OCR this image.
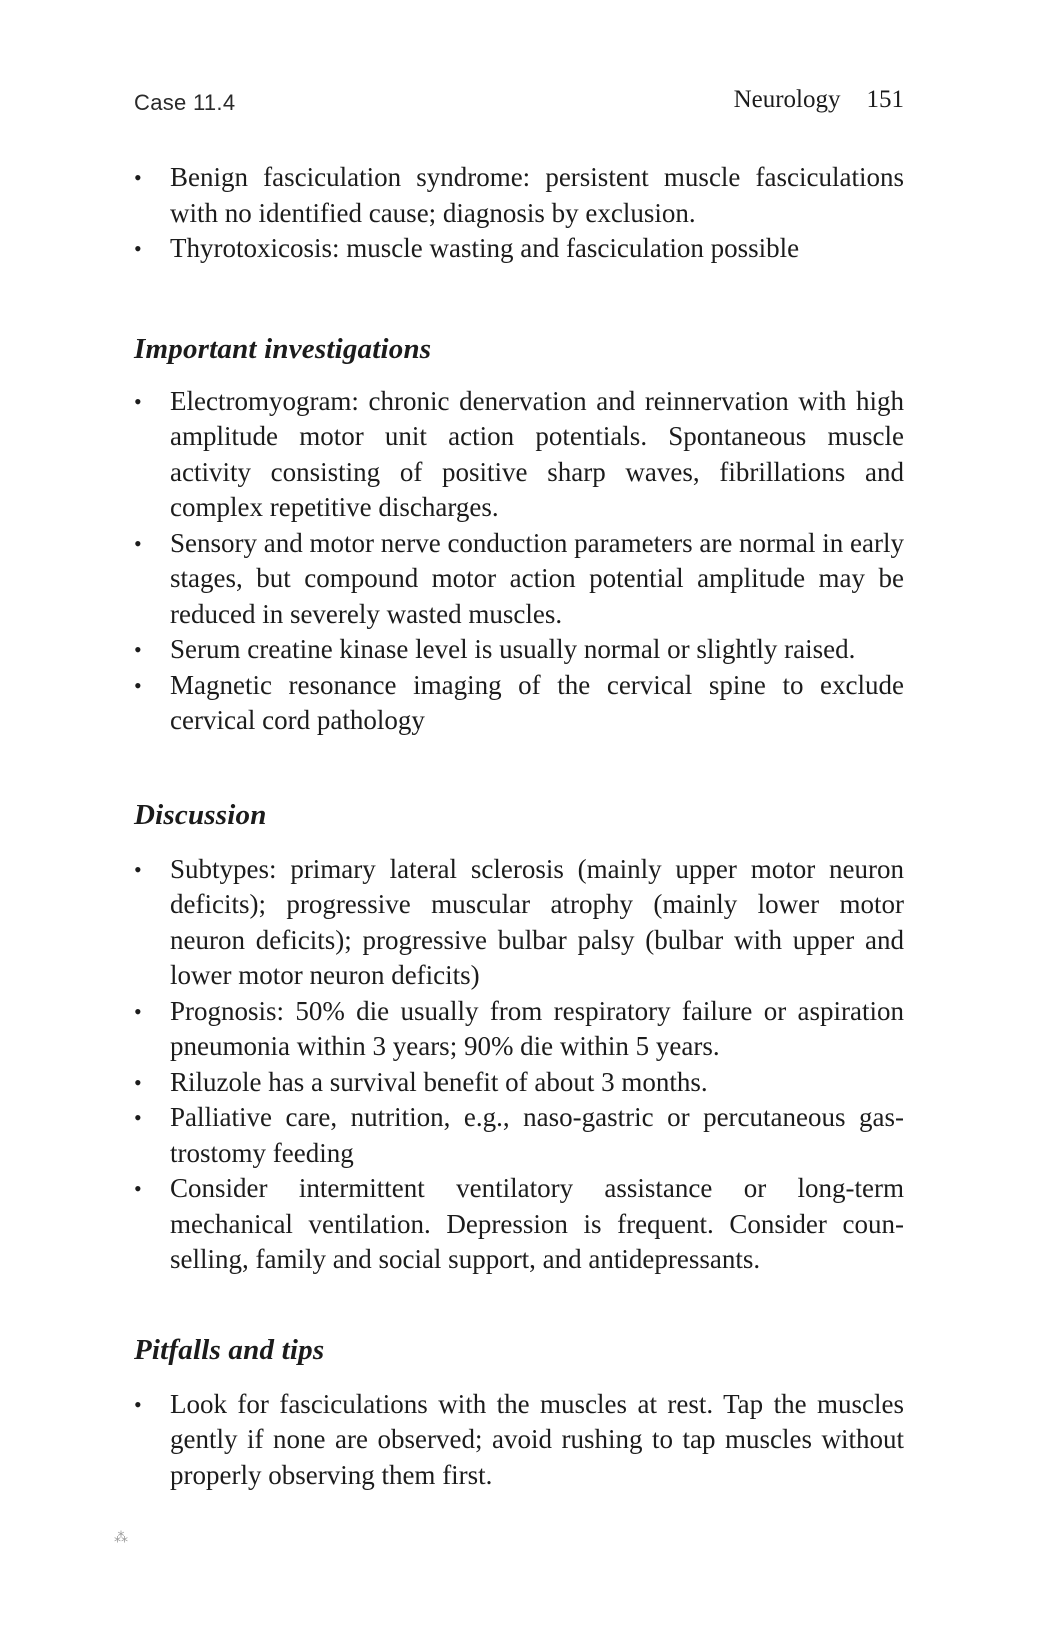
Case 11.4	Neurology 151
• Benign fasciculation syndrome: persistent muscle fasciculations with no identified cause; diagnosis by exclusion.
• Thyrotoxicosis: muscle wasting and fasciculation possible
Important investigations
• Electromyogram: chronic denervation and reinnervation with high amplitude motor unit action potentials. Spontaneous muscle activity consisting of positive sharp waves, fibrillations and complex repetitive discharges.
• Sensory and motor nerve conduction parameters are normal in early stages, but compound motor action potential amplitude may be reduced in severely wasted muscles.
• Serum creatine kinase level is usually normal or slightly raised.
• Magnetic resonance imaging of the cervical spine to exclude cervical cord pathology
Discussion
• Subtypes: primary lateral sclerosis (mainly upper motor neuron deficits); progressive muscular atrophy (mainly lower motor neuron deficits); progressive bulbar palsy (bulbar with upper and lower motor neuron deficits)
• Prognosis: 50% die usually from respiratory failure or aspiration pneumonia within 3 years; 90% die within 5 years.
• Riluzole has a survival benefit of about 3 months.
• Palliative care, nutrition, e.g., naso-gastric or percutaneous gastrostomy feeding
• Consider intermittent ventilatory assistance or long-term mechanical ventilation. Depression is frequent. Consider counselling, family and social support, and antidepressants.
Pitfalls and tips
• Look for fasciculations with the muscles at rest. Tap the muscles gently if none are observed; avoid rushing to tap muscles without properly observing them first.
⁂
